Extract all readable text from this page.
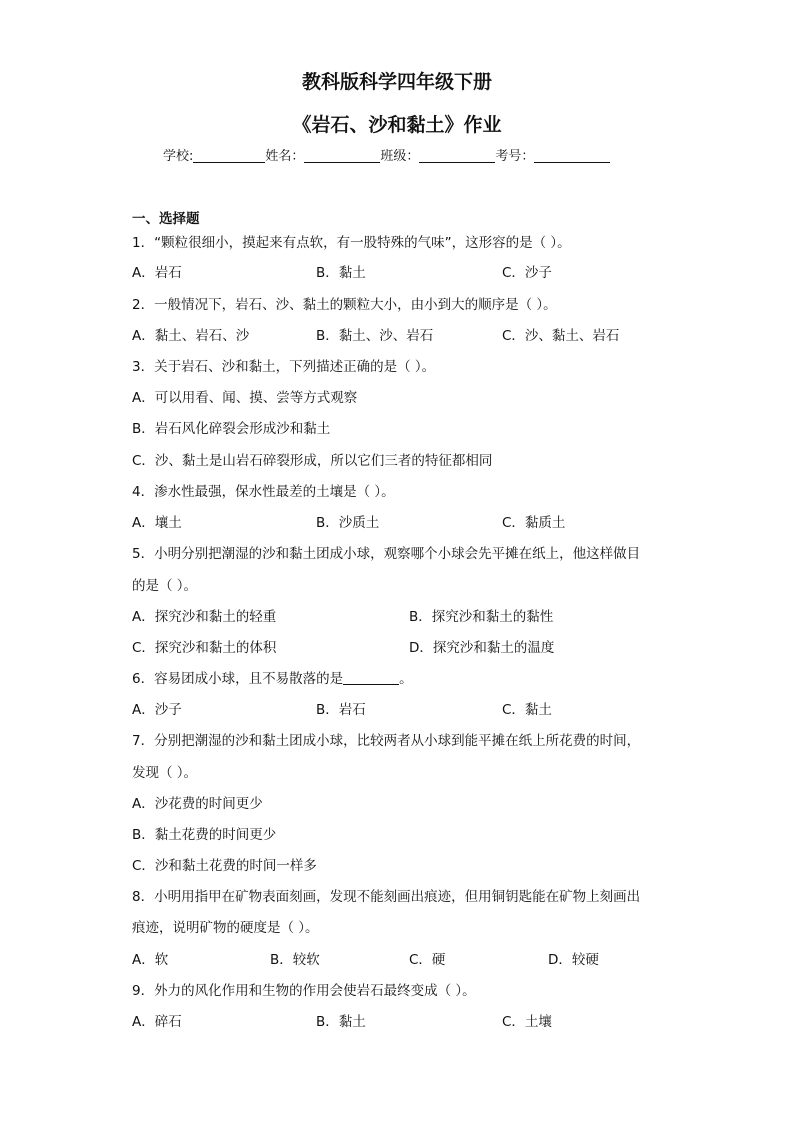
教科版科学四年级下册
《岩石、沙和黏土》作业
学校:	姓名：	班级：	考号：
一、选择题
1．“颗粒很细小，摸起来有点软，有一股特殊的气味”，这形容的是（ ）。
A．岩石	B．黏土	C．沙子
2．一般情况下，岩石、沙、黏土的颗粒大小，由小到大的顺序是（ ）。
A．黏土、岩石、沙	B．黏土、沙、岩石	C．沙、黏土、岩石
3．关于岩石、沙和黏土，下列描述正确的是（ ）。
A．可以用看、闻、摸、尝等方式观察
B．岩石风化碎裂会形成沙和黏土
C．沙、黏土是山岩石碎裂形成，所以它们三者的特征都相同
4．渗水性最强，保水性最差的土壤是（ ）。
A．壤土	B．沙质土	C．黏质土
5．小明分别把潮湿的沙和黏土团成小球，观察哪个小球会先平摊在纸上，他这样做目
的是（ ）。
A．探究沙和黏土的轻重	B．探究沙和黏土的黏性
C．探究沙和黏土的体积	D．探究沙和黏土的温度
6．容易团成小球，且不易散落的是	。
A．沙子	B．岩石	C．黏土
7．分别把潮湿的沙和黏土团成小球，比较两者从小球到能平摊在纸上所花费的时间，
发现（ ）。
A．沙花费的时间更少
B．黏土花费的时间更少
C．沙和黏土花费的时间一样多
8．小明用指甲在矿物表面刻画，发现不能刻画出痕迹，但用铜钥匙能在矿物上刻画出
痕迹，说明矿物的硬度是（ ）。
A．软	B．较软	C．硬	D．较硬
9．外力的风化作用和生物的作用会使岩石最终变成（ ）。
A．碎石	B．黏土	C．土壤
